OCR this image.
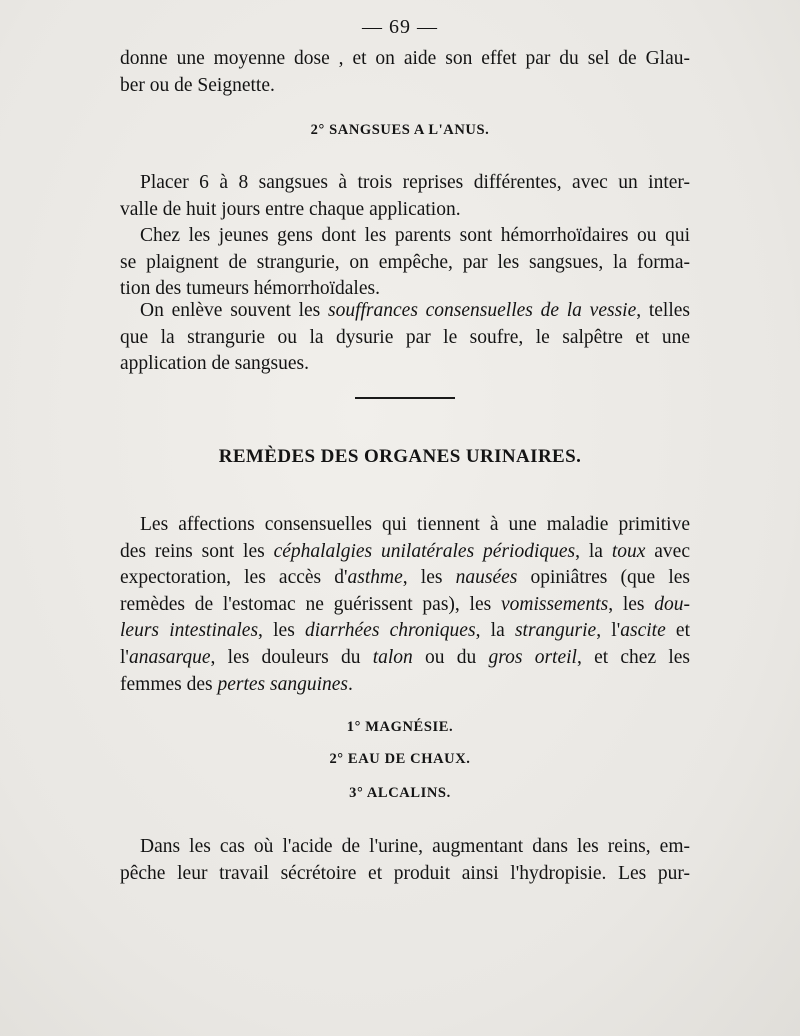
— 69 —
donne une moyenne dose , et on aide son effet par du sel de Glau-
ber ou de Seignette.
2° SANGSUES A L'ANUS.
Placer 6 à 8 sangsues à trois reprises différentes, avec un inter-
valle de huit jours entre chaque application.
Chez les jeunes gens dont les parents sont hémorrhoïdaires ou qui
se plaignent de strangurie, on empêche, par les sangsues, la forma-
tion des tumeurs hémorrhoïdales.
On enlève souvent les souffrances consensuelles de la vessie, telles
que la strangurie ou la dysurie par le soufre, le salpêtre et une
application de sangsues.
REMÈDES DES ORGANES URINAIRES.
Les affections consensuelles qui tiennent à une maladie primitive
des reins sont les céphalalgies unilatérales périodiques, la toux avec
expectoration, les accès d'asthme, les nausées opiniâtres (que les
remèdes de l'estomac ne guérissent pas), les vomissements, les dou-
leurs intestinales, les diarrhées chroniques, la strangurie, l'ascite et
l'anasarque, les douleurs du talon ou du gros orteil, et chez les
femmes des pertes sanguines.
1° MAGNÉSIE.
2° EAU DE CHAUX.
3° ALCALINS.
Dans les cas où l'acide de l'urine, augmentant dans les reins, em-
pêche leur travail sécrétoire et produit ainsi l'hydropisie. Les pur-
